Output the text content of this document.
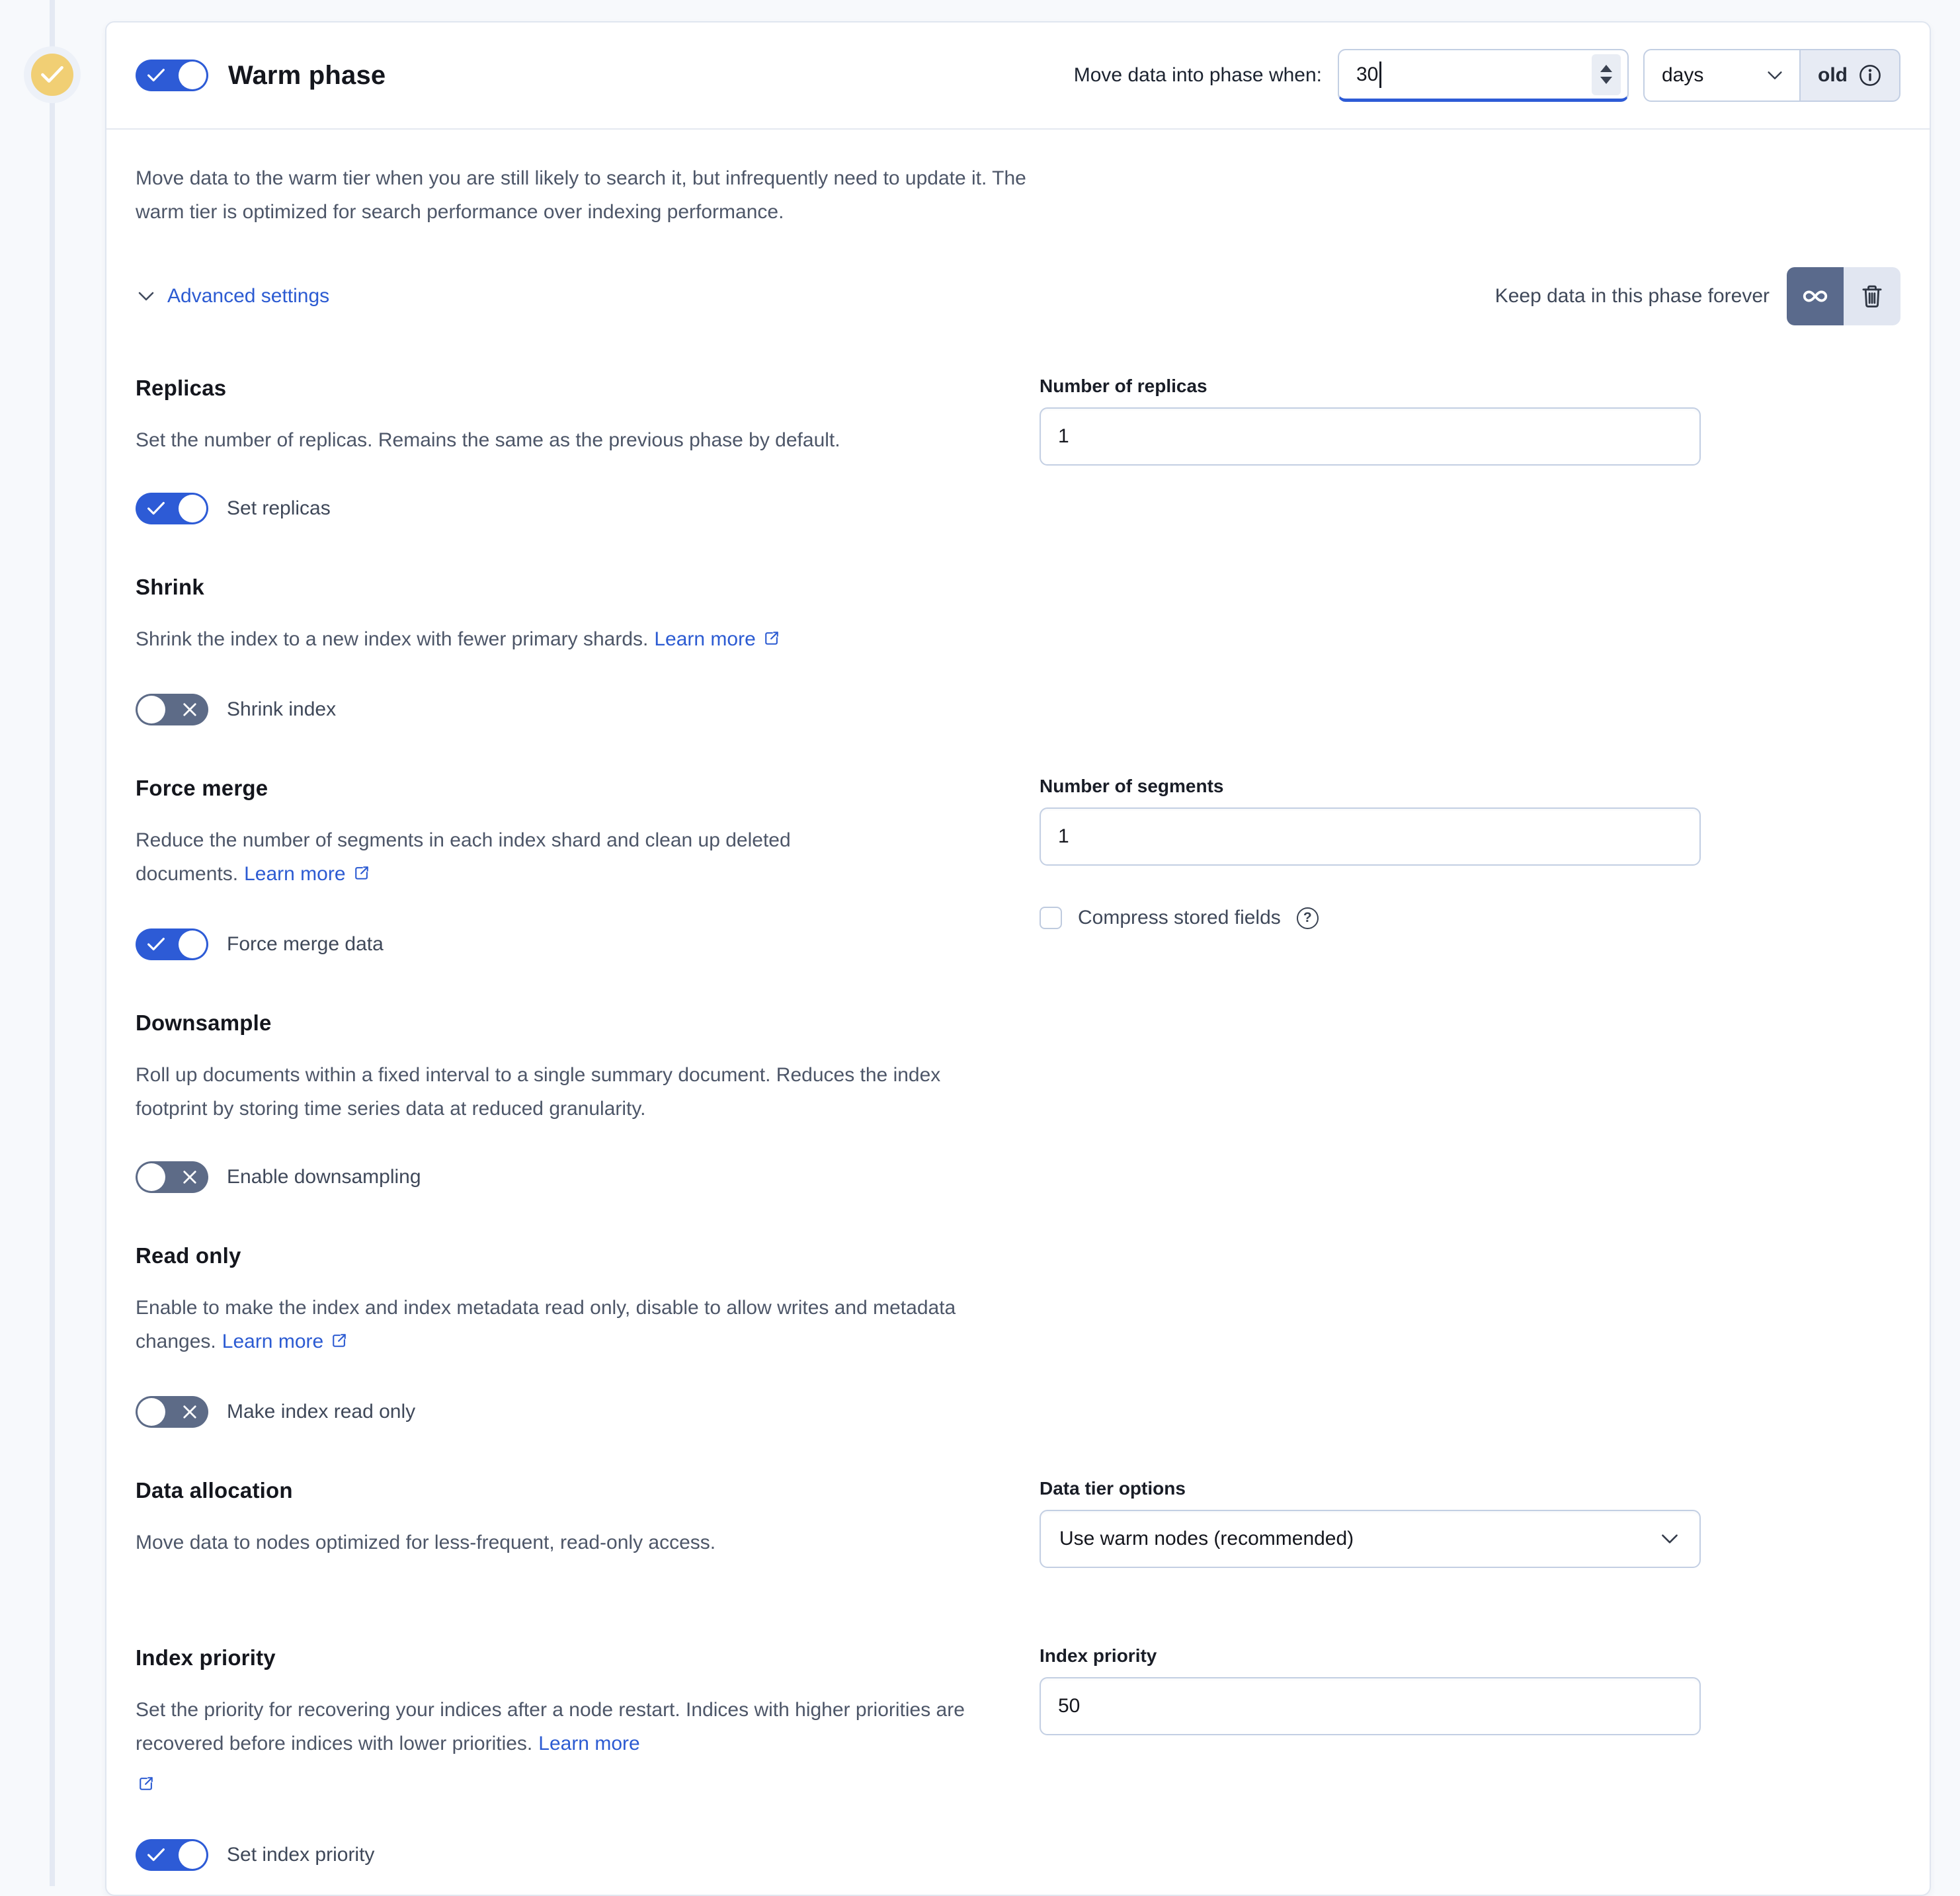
Warm phase	Move data into phase when: 30	days	old

Move data to the warm tier when you are still likely to search it, but infrequently need to update it. The warm tier is optimized for search performance over indexing performance.

Advanced settings	Keep data in this phase forever
Replicas

Set the number of replicas. Remains the same as the previous phase by default.

Set replicas
Number of replicas
1
Shrink

Shrink the index to a new index with fewer primary shards. Learn more

Shrink index
Force merge

Reduce the number of segments in each index shard and clean up deleted documents. Learn more

Force merge data
Number of segments
1
Compress stored fields	?
Downsample

Roll up documents within a fixed interval to a single summary document. Reduces the index footprint by storing time series data at reduced granularity.

Enable downsampling
Read only

Enable to make the index and index metadata read only, disable to allow writes and metadata changes. Learn more

Make index read only
Data allocation

Move data to nodes optimized for less-frequent, read-only access.

Data tier options
Use warm nodes (recommended)
Index priority

Set the priority for recovering your indices after a node restart. Indices with higher priorities are recovered before indices with lower priorities. Learn more

Set index priority
Index priority
50
